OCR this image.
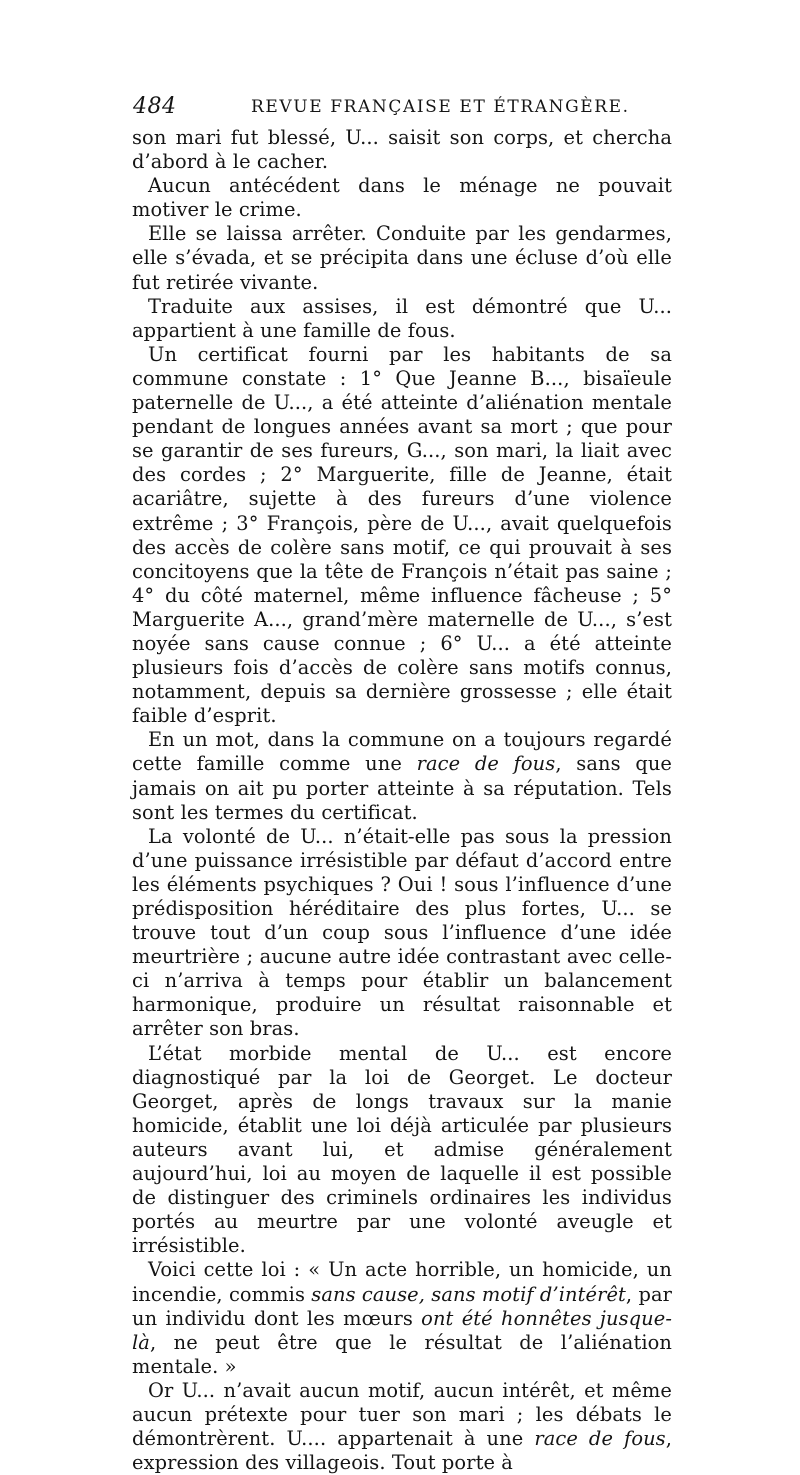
484	REVUE FRANÇAISE ET ÉTRANGÈRE.

son mari fut blessé, U... saisit son corps, et chercha d’abord à le cacher.

Aucun antécédent dans le ménage ne pouvait motiver le crime.

Elle se laissa arrêter. Conduite par les gendarmes, elle s’évada, et se précipita dans une écluse d’où elle fut retirée vivante.

Traduite aux assises, il est démontré que U... appartient à une famille de fous.

Un certificat fourni par les habitants de sa commune constate : 1° Que Jeanne B..., bisaïeule paternelle de U..., a été atteinte d’aliénation mentale pendant de longues années avant sa mort ; que pour se garantir de ses fureurs, G..., son mari, la liait avec des cordes ; 2° Marguerite, fille de Jeanne, était acariâtre, sujette à des fureurs d’une violence extrême ; 3° François, père de U..., avait quelquefois des accès de colère sans motif, ce qui prouvait à ses concitoyens que la tête de François n’était pas saine ; 4° du côté maternel, même influence fâcheuse ; 5° Marguerite A..., grand’mère maternelle de U..., s’est noyée sans cause connue ; 6° U... a été atteinte plusieurs fois d’accès de colère sans motifs connus, notamment, depuis sa dernière grossesse ; elle était faible d’esprit.

En un mot, dans la commune on a toujours regardé cette famille comme une race de fous, sans que jamais on ait pu porter atteinte à sa réputation. Tels sont les termes du certificat.

La volonté de U... n’était-elle pas sous la pression d’une puissance irrésistible par défaut d’accord entre les éléments psychiques ? Oui ! sous l’influence d’une prédisposition héréditaire des plus fortes, U... se trouve tout d’un coup sous l’influence d’une idée meurtrière ; aucune autre idée contrastant avec celle-ci n’arriva à temps pour établir un balancement harmonique, produire un résultat raisonnable et arrêter son bras.

L’état morbide mental de U... est encore diagnostiqué par la loi de Georget. Le docteur Georget, après de longs travaux sur la manie homicide, établit une loi déjà articulée par plusieurs auteurs avant lui, et admise généralement aujourd’hui, loi au moyen de laquelle il est possible de distinguer des criminels ordinaires les individus portés au meurtre par une volonté aveugle et irrésistible.

Voici cette loi : « Un acte horrible, un homicide, un incendie, commis sans cause, sans motif d’intérêt, par un individu dont les mœurs ont été honnêtes jusque-là, ne peut être que le résultat de l’aliénation mentale. »

Or U... n’avait aucun motif, aucun intérêt, et même aucun prétexte pour tuer son mari ; les débats le démontrèrent. U.... appartenait à une race de fous, expression des villageois. Tout porte à
